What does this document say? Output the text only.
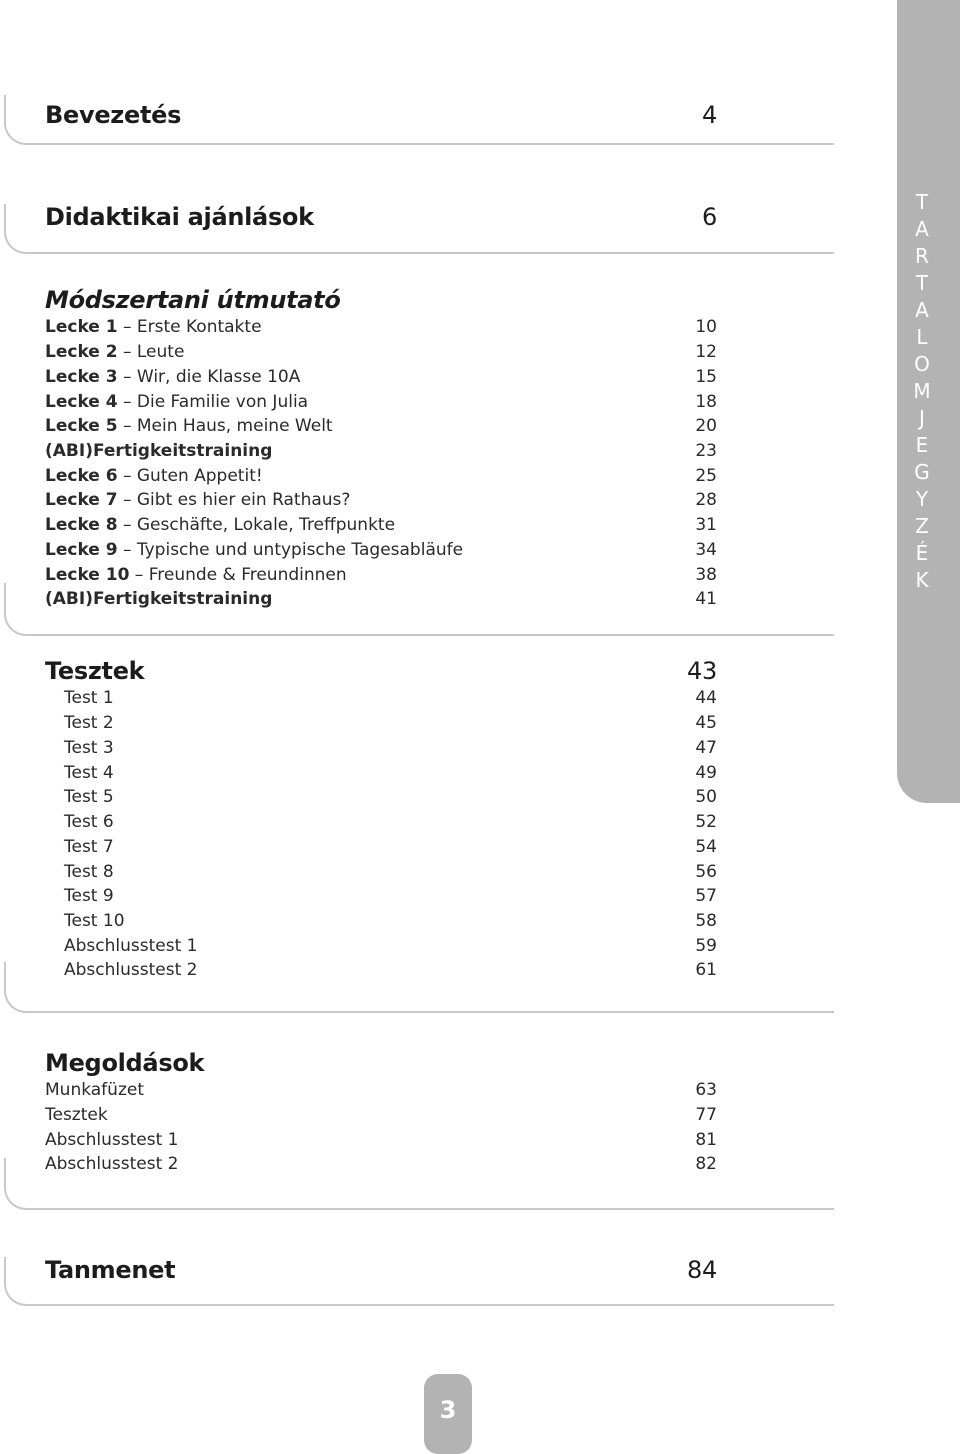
T
A
R
T
A
L
O
M
J
E
G
Y
Z
É
K
Bevezetés	4
Didaktikai ajánlások	6
Módszertani útmutató
Lecke 1 – Erste Kontakte	10
Lecke 2 – Leute	12
Lecke 3 – Wir, die Klasse 10A	15
Lecke 4 – Die Familie von Julia	18
Lecke 5 – Mein Haus, meine Welt	20
(ABI)Fertigkeitstraining	23
Lecke 6 – Guten Appetit!	25
Lecke 7 – Gibt es hier ein Rathaus?	28
Lecke 8 – Geschäfte, Lokale, Treffpunkte	31
Lecke 9 – Typische und untypische Tagesabläufe	34
Lecke 10 – Freunde & Freundinnen	38
(ABI)Fertigkeitstraining	41
Tesztek	43
Test 1	44
Test 2	45
Test 3	47
Test 4	49
Test 5	50
Test 6	52
Test 7	54
Test 8	56
Test 9	57
Test 10	58
Abschlusstest 1	59
Abschlusstest 2	61
Megoldások
Munkafüzet	63
Tesztek	77
Abschlusstest 1	81
Abschlusstest 2	82
Tanmenet	84
3
